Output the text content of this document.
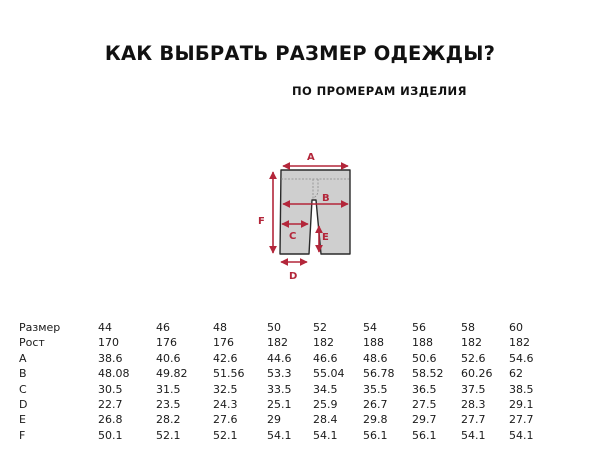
КАК ВЫБРАТЬ РАЗМЕР ОДЕЖДЫ?
ПО ПРОМЕРАМ ИЗДЕЛИЯ
A
B
C	E
F
D
Размер	44	46	48	50	52	54	56	58	60
Рост	170	176	176	182	182	188	188	182	182
A	38.6	40.6	42.6	44.6	46.6	48.6	50.6	52.6	54.6
B	48.08	49.82	51.56	53.3	55.04	56.78	58.52	60.26	62
C	30.5	31.5	32.5	33.5	34.5	35.5	36.5	37.5	38.5
D	22.7	23.5	24.3	25.1	25.9	26.7	27.5	28.3	29.1
E	26.8	28.2	27.6	29	28.4	29.8	29.7	27.7	27.7
F	50.1	52.1	52.1	54.1	54.1	56.1	56.1	54.1	54.1
